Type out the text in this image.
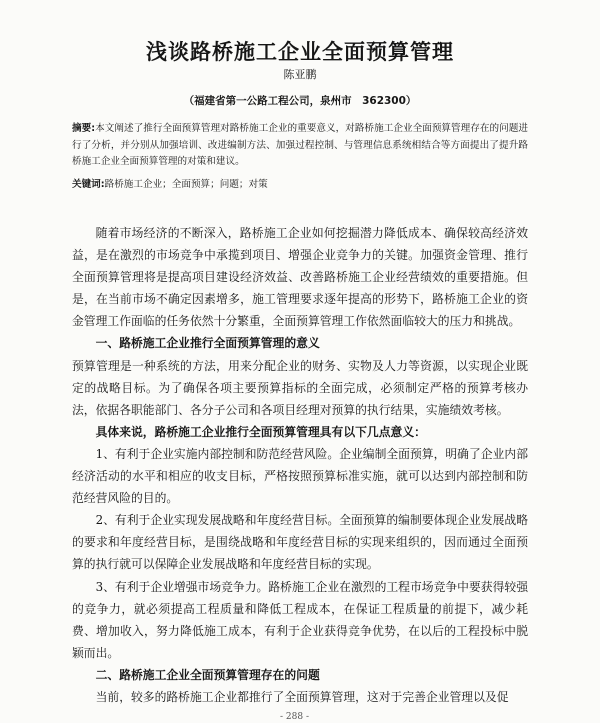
浅谈路桥施工企业全面预算管理
陈亚鹏
（福建省第一公路工程公司，泉州市　362300）

摘要:本文阐述了推行全面预算管理对路桥施工企业的重要意义，对路桥施工企业全面预算管理存在的问题进行了分析，并分别从加强培训、改进编制方法、加强过程控制、与管理信息系统相结合等方面提出了提升路桥施工企业全面预算管理的对策和建议。

关键词:路桥施工企业；全面预算；问题；对策

随着市场经济的不断深入，路桥施工企业如何挖掘潜力降低成本、确保较高经济效益，是在激烈的市场竞争中承揽到项目、增强企业竞争力的关键。加强资金管理、推行全面预算管理将是提高项目建设经济效益、改善路桥施工企业经营绩效的重要措施。但是，在当前市场不确定因素增多，施工管理要求逐年提高的形势下，路桥施工企业的资金管理工作面临的任务依然十分繁重，全面预算管理工作依然面临较大的压力和挑战。

一、路桥施工企业推行全面预算管理的意义

预算管理是一种系统的方法，用来分配企业的财务、实物及人力等资源，以实现企业既定的战略目标。为了确保各项主要预算指标的全面完成，必须制定严格的预算考核办法，依据各职能部门、各分子公司和各项目经理对预算的执行结果，实施绩效考核。

具体来说，路桥施工企业推行全面预算管理具有以下几点意义：

1、有利于企业实施内部控制和防范经营风险。企业编制全面预算，明确了企业内部经济活动的水平和相应的收支目标，严格按照预算标准实施，就可以达到内部控制和防范经营风险的目的。

2、有利于企业实现发展战略和年度经营目标。全面预算的编制要体现企业发展战略的要求和年度经营目标，是围绕战略和年度经营目标的实现来组织的，因而通过全面预算的执行就可以保障企业发展战略和年度经营目标的实现。

3、有利于企业增强市场竞争力。路桥施工企业在激烈的工程市场竞争中要获得较强的竞争力，就必须提高工程质量和降低工程成本，在保证工程质量的前提下，减少耗费、增加收入，努力降低施工成本，有利于企业获得竞争优势，在以后的工程投标中脱颖而出。

二、路桥施工企业全面预算管理存在的问题

当前，较多的路桥施工企业都推行了全面预算管理，这对于完善企业管理以及促

- 288 -
